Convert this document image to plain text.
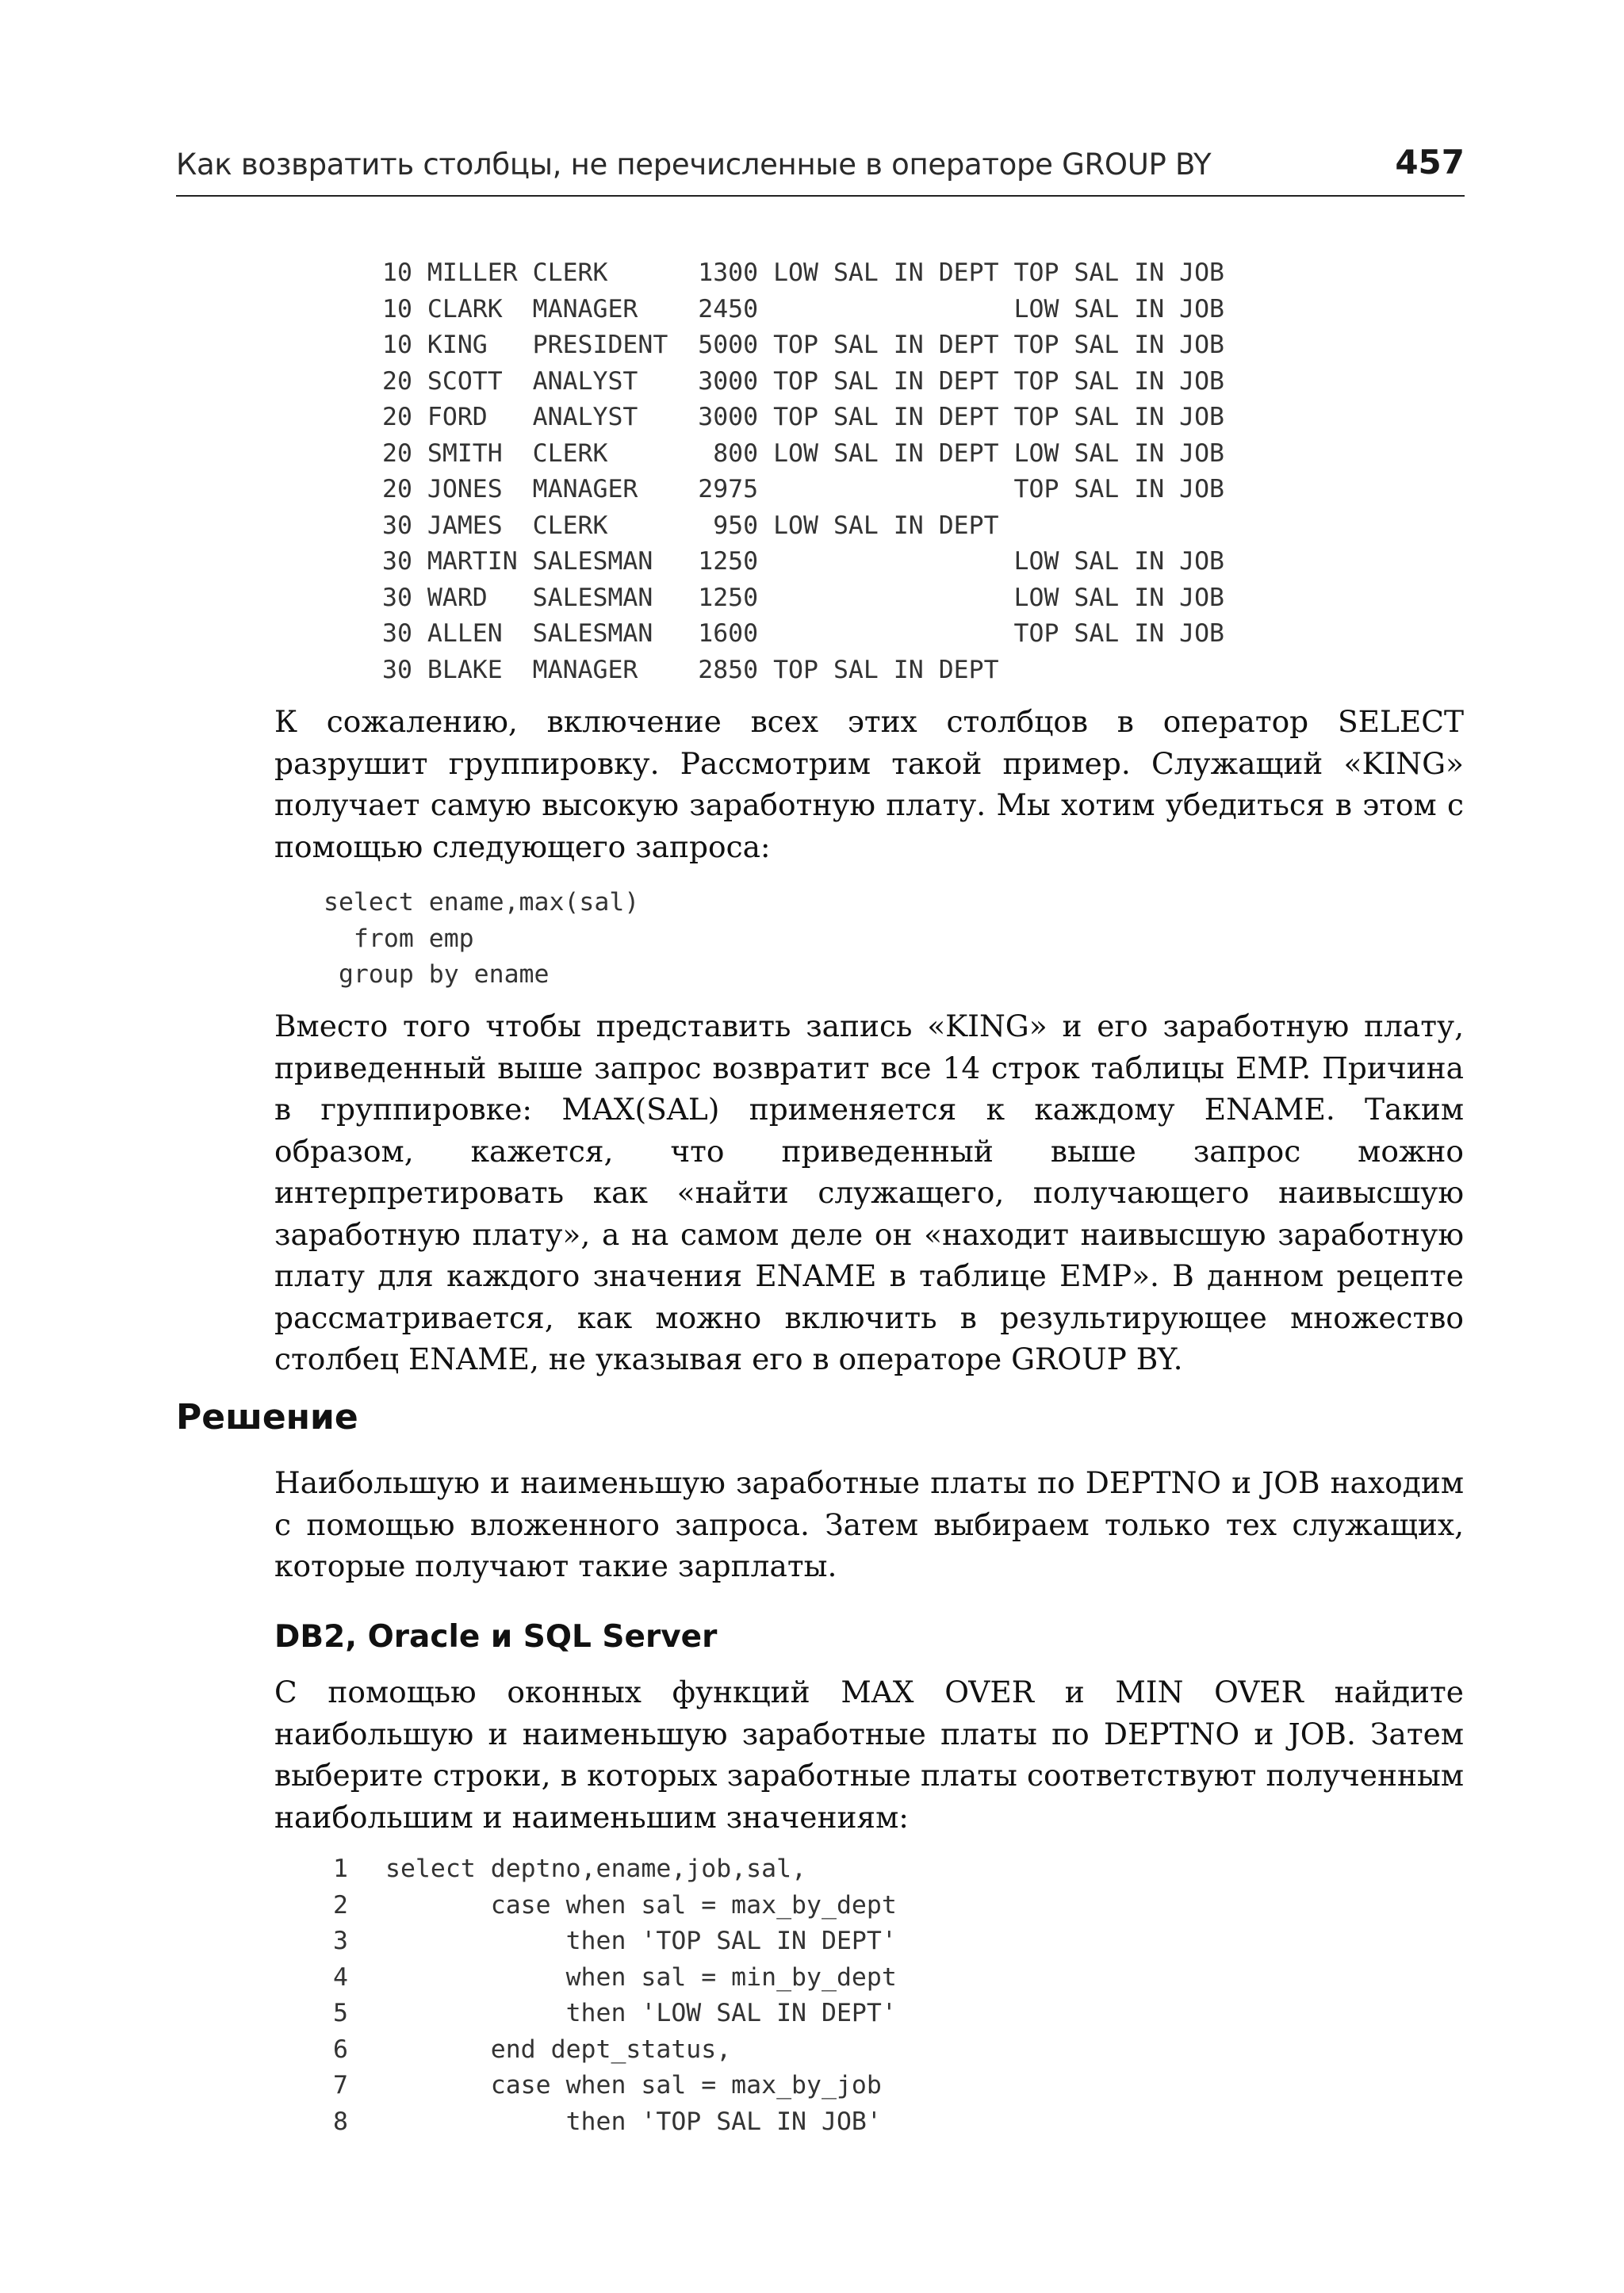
Как возвратить столбцы, не перечисленные в операторе GROUP BY	457
10 MILLER CLERK      1300 LOW SAL IN DEPT TOP SAL IN JOB
10 CLARK  MANAGER    2450                 LOW SAL IN JOB
10 KING   PRESIDENT  5000 TOP SAL IN DEPT TOP SAL IN JOB
20 SCOTT  ANALYST    3000 TOP SAL IN DEPT TOP SAL IN JOB
20 FORD   ANALYST    3000 TOP SAL IN DEPT TOP SAL IN JOB
20 SMITH  CLERK       800 LOW SAL IN DEPT LOW SAL IN JOB
20 JONES  MANAGER    2975                 TOP SAL IN JOB
30 JAMES  CLERK       950 LOW SAL IN DEPT
30 MARTIN SALESMAN   1250                 LOW SAL IN JOB
30 WARD   SALESMAN   1250                 LOW SAL IN JOB
30 ALLEN  SALESMAN   1600                 TOP SAL IN JOB
30 BLAKE  MANAGER    2850 TOP SAL IN DEPT

К сожалению, включение всех этих столбцов в оператор SELECT разрушит группировку. Рассмотрим такой пример. Служащий «KING» получает самую высокую заработную плату. Мы хотим убедиться в этом с помощью следующего запроса:

select ename,max(sal)
from emp
group by ename

Вместо того чтобы представить запись «KING» и его заработную плату, приведенный выше запрос возвратит все 14 строк таблицы EMP. Причина в группировке: MAX(SAL) применяется к каждому ENAME. Таким образом, кажется, что приведенный выше запрос можно интерпретировать как «найти служащего, получающего наивысшую заработную плату», а на самом деле он «находит наивысшую заработную плату для каждого значения ENAME в таблице EMP». В данном рецепте рассматривается, как можно включить в результирующее множество столбец ENAME, не указывая его в операторе GROUP BY.

Решение

Наибольшую и наименьшую заработные платы по DEPTNO и JOB находим с помощью вложенного запроса. Затем выбираем только тех служащих, которые получают такие зарплаты.

DB2, Oracle и SQL Server

С помощью оконных функций MAX OVER и MIN OVER найдите наибольшую и наименьшую заработные платы по DEPTNO и JOB. Затем выберите строки, в которых заработные платы соответствуют полученным наибольшим и наименьшим значениям:

1 select deptno,ename,job,sal,
2       case when sal = max_by_dept
3            then 'TOP SAL IN DEPT'
4            when sal = min_by_dept
5            then 'LOW SAL IN DEPT'
6       end dept_status,
7       case when sal = max_by_job
8            then 'TOP SAL IN JOB'
